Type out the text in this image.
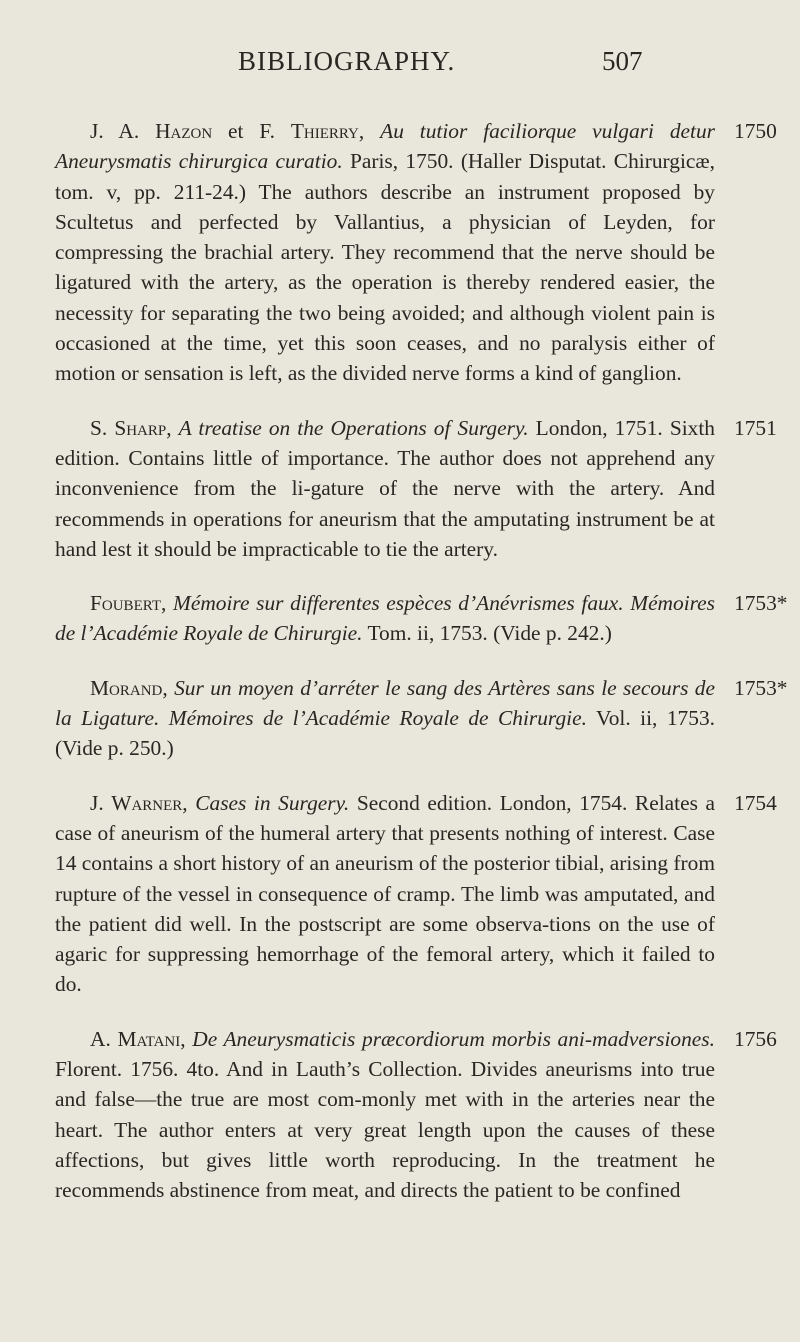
BIBLIOGRAPHY.	507
1750
J. A. Hazon et F. Thierry, Au tutior faciliorque vulgari detur Aneurysmatis chirurgica curatio. Paris, 1750. (Haller Disputat. Chirurgicæ, tom. v, pp. 211-24.) The authors describe an instrument proposed by Scultetus and perfected by Vallantius, a physician of Leyden, for compressing the brachial artery. They recommend that the nerve should be ligatured with the artery, as the operation is thereby rendered easier, the necessity for separating the two being avoided; and although violent pain is occasioned at the time, yet this soon ceases, and no paralysis either of motion or sensation is left, as the divided nerve forms a kind of ganglion.
1751
S. Sharp, A treatise on the Operations of Surgery. London, 1751. Sixth edition. Contains little of importance. The author does not apprehend any inconvenience from the li-gature of the nerve with the artery. And recommends in operations for aneurism that the amputating instrument be at hand lest it should be impracticable to tie the artery.
1753*
Foubert, Mémoire sur differentes espèces d’Anévrismes faux. Mémoires de l’Académie Royale de Chirurgie. Tom. ii, 1753. (Vide p. 242.)
1753*
Morand, Sur un moyen d’arréter le sang des Artères sans le secours de la Ligature. Mémoires de l’Académie Royale de Chirurgie. Vol. ii, 1753. (Vide p. 250.)
1754
J. Warner, Cases in Surgery. Second edition. London, 1754. Relates a case of aneurism of the humeral artery that presents nothing of interest. Case 14 contains a short history of an aneurism of the posterior tibial, arising from rupture of the vessel in consequence of cramp. The limb was amputated, and the patient did well. In the postscript are some observa-tions on the use of agaric for suppressing hemorrhage of the femoral artery, which it failed to do.
1756
A. Matani, De Aneurysmaticis præcordiorum morbis ani-madversiones. Florent. 1756. 4to. And in Lauth’s Collection. Divides aneurisms into true and false—the true are most com-monly met with in the arteries near the heart. The author enters at very great length upon the causes of these affections, but gives little worth reproducing. In the treatment he recommends abstinence from meat, and directs the patient to be confined
